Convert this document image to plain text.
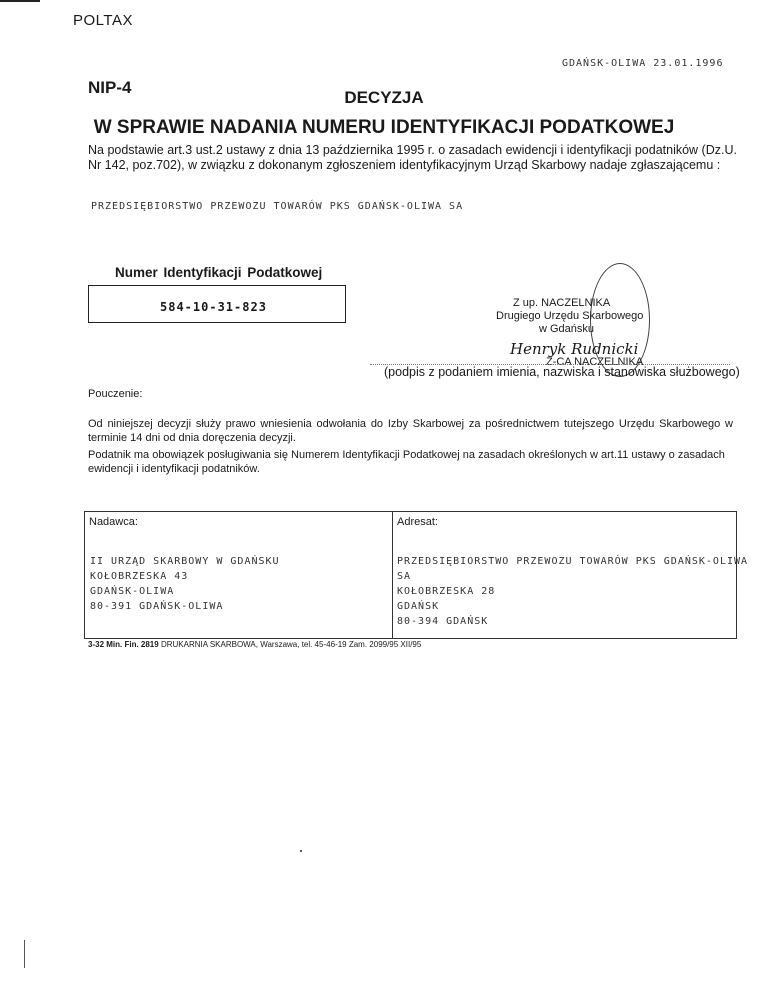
POLTAX
GDAŃSK-OLIWA 23.01.1996
NIP-4
DECYZJA
W SPRAWIE NADANIA NUMERU IDENTYFIKACJI PODATKOWEJ
Na podstawie art.3 ust.2 ustawy z dnia 13 października 1995 r. o zasadach ewidencji i identyfikacji podatników (Dz.U. Nr 142, poz.702), w związku z dokonanym zgłoszeniem identyfikacyjnym Urząd Skarbowy nadaje zgłaszającemu :
PRZEDSIĘBIORSTWO PRZEWOZU TOWARÓW PKS GDAŃSK-OLIWA SA
Numer Identyfikacji Podatkowej
584-10-31-823	Z up. NACZELNIKA
Drugiego Urzędu Skarbowego
w Gdańsku
Henryk Rudnicki
Z-CA NACZELNIKA
(podpis z podaniem imienia, nazwiska i stanowiska służbowego)
Pouczenie:
Od niniejszej decyzji służy prawo wniesienia odwołania do Izby Skarbowej za pośrednictwem tutejszego Urzędu Skarbowego w terminie 14 dni od dnia doręczenia decyzji.
Podatnik ma obowiązek posługiwania się Numerem Identyfikacji Podatkowej na zasadach określonych w art.11 ustawy o zasadach ewidencji i identyfikacji podatników.
Nadawca:	Adresat:
II URZĄD SKARBOWY W GDAŃSKU
KOŁOBRZESKA 43
GDAŃSK-OLIWA
80-391 GDAŃSK-OLIWA
PRZEDSIĘBIORSTWO PRZEWOZU TOWARÓW PKS GDAŃSK-OLIWA
SA
KOŁOBRZESKA 28
GDAŃSK
80-394 GDAŃSK
3-32 Min. Fin. 2819 DRUKARNIA SKARBOWA, Warszawa, tel. 45-46-19 Zam. 2099/95 XII/95
